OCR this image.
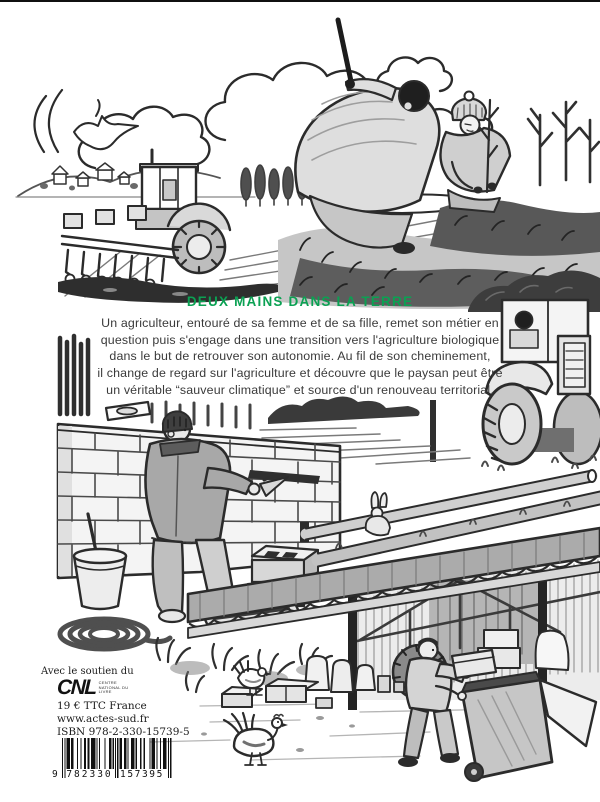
DEUX MAINS DANS LA TERRE
Un agriculteur, entouré de sa femme et de sa fille, remet son métier en
question puis s'engage dans une transition vers l'agriculture biologique
dans le but de retrouver son autonomie. Au fil de son cheminement,
il change de regard sur l'agriculture et découvre que le paysan peut être
un véritable “sauveur climatique” et source d'un renouveau territorial.
Avec le soutien du
CNL CENTRE NATIONAL DU LIVRE
19 € TTC France
www.actes-sud.fr
ISBN 978-2-330-15739-5
9 782330 157395
